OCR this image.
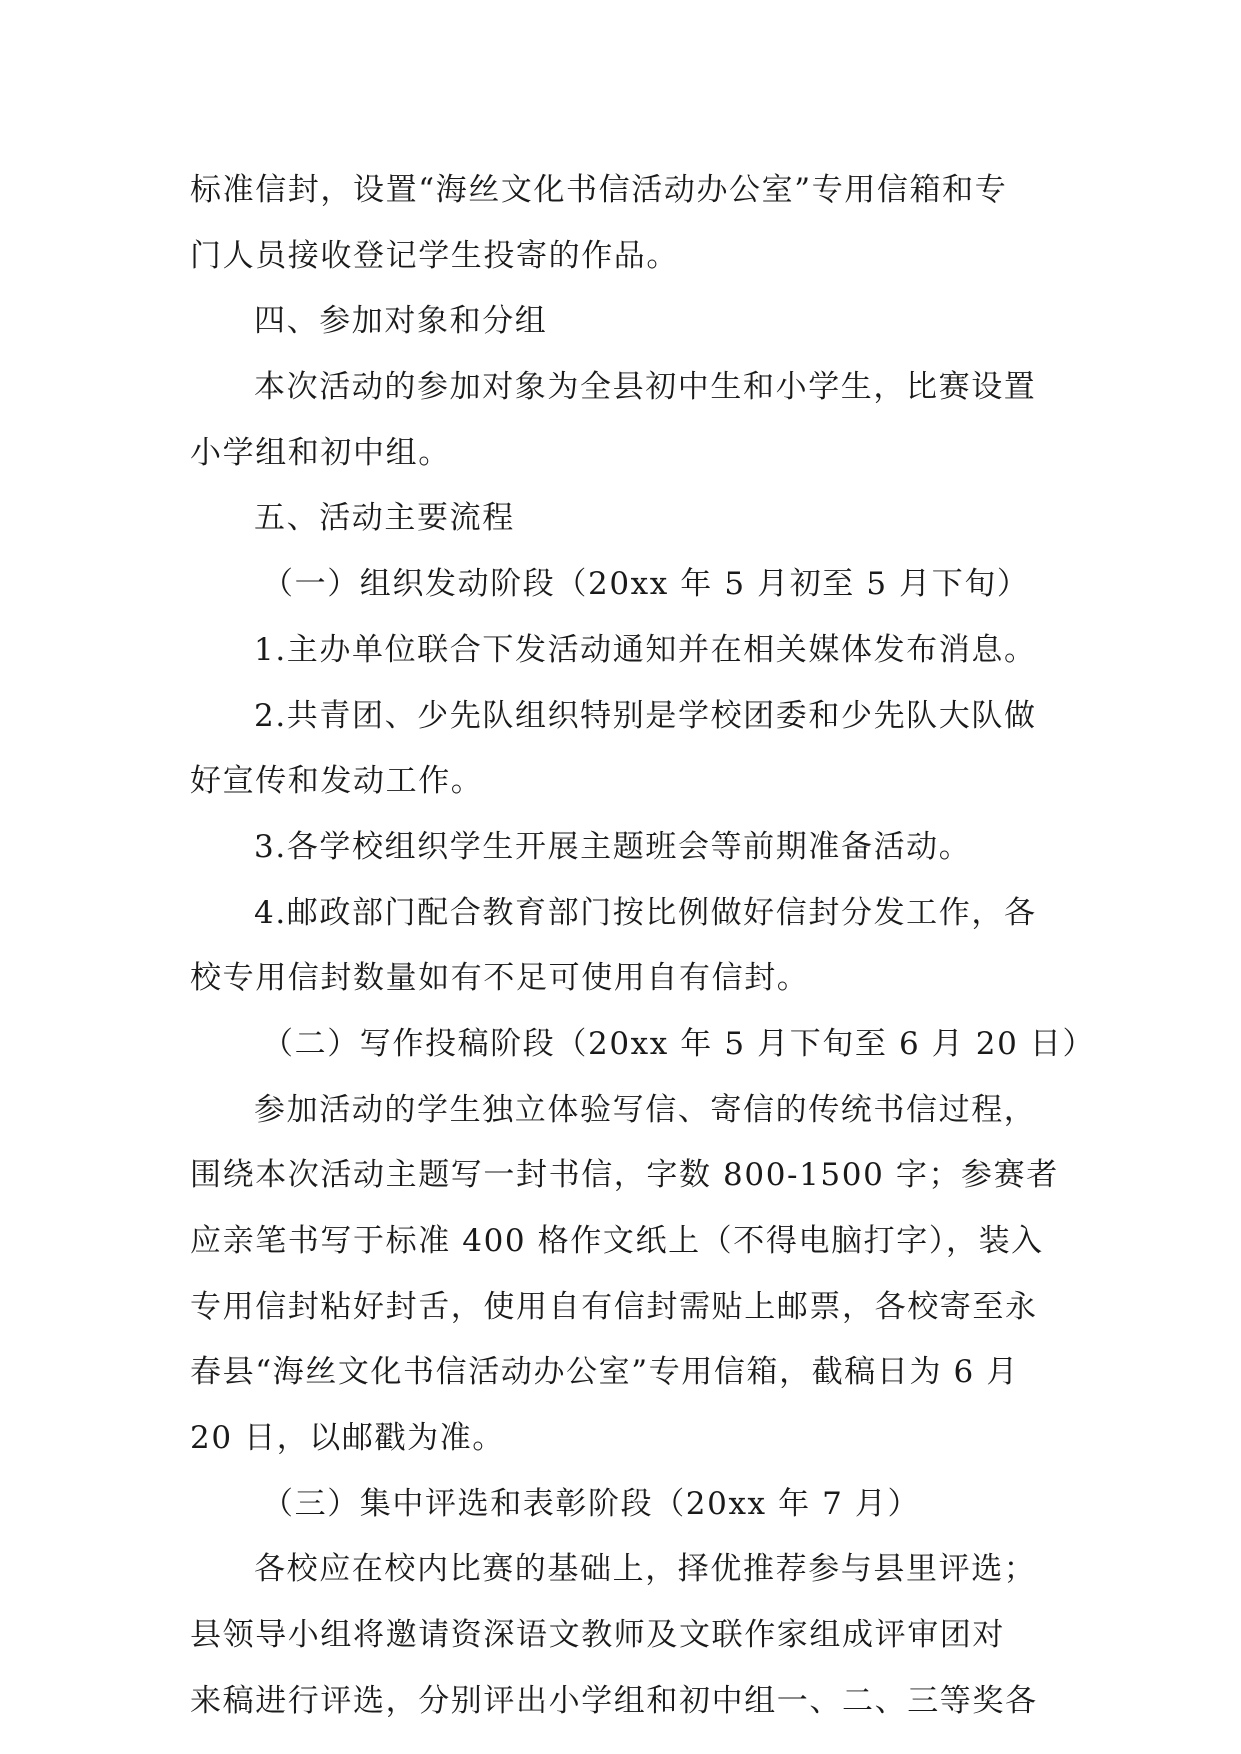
标准信封，设置“海丝文化书信活动办公室”专用信箱和专
门人员接收登记学生投寄的作品。
四、参加对象和分组
本次活动的参加对象为全县初中生和小学生，比赛设置
小学组和初中组。
五、活动主要流程
（一）组织发动阶段（20xx 年 5 月初至 5 月下旬）
1.主办单位联合下发活动通知并在相关媒体发布消息。
2.共青团、少先队组织特别是学校团委和少先队大队做
好宣传和发动工作。
3.各学校组织学生开展主题班会等前期准备活动。
4.邮政部门配合教育部门按比例做好信封分发工作，各
校专用信封数量如有不足可使用自有信封。
（二）写作投稿阶段（20xx 年 5 月下旬至 6 月 20 日）
参加活动的学生独立体验写信、寄信的传统书信过程，
围绕本次活动主题写一封书信，字数 800-1500 字；参赛者
应亲笔书写于标准 400 格作文纸上（不得电脑打字），装入
专用信封粘好封舌，使用自有信封需贴上邮票，各校寄至永
春县“海丝文化书信活动办公室”专用信箱，截稿日为 6 月
20 日，以邮戳为准。
（三）集中评选和表彰阶段（20xx 年 7 月）
各校应在校内比赛的基础上，择优推荐参与县里评选；
县领导小组将邀请资深语文教师及文联作家组成评审团对
来稿进行评选，分别评出小学组和初中组一、二、三等奖各
